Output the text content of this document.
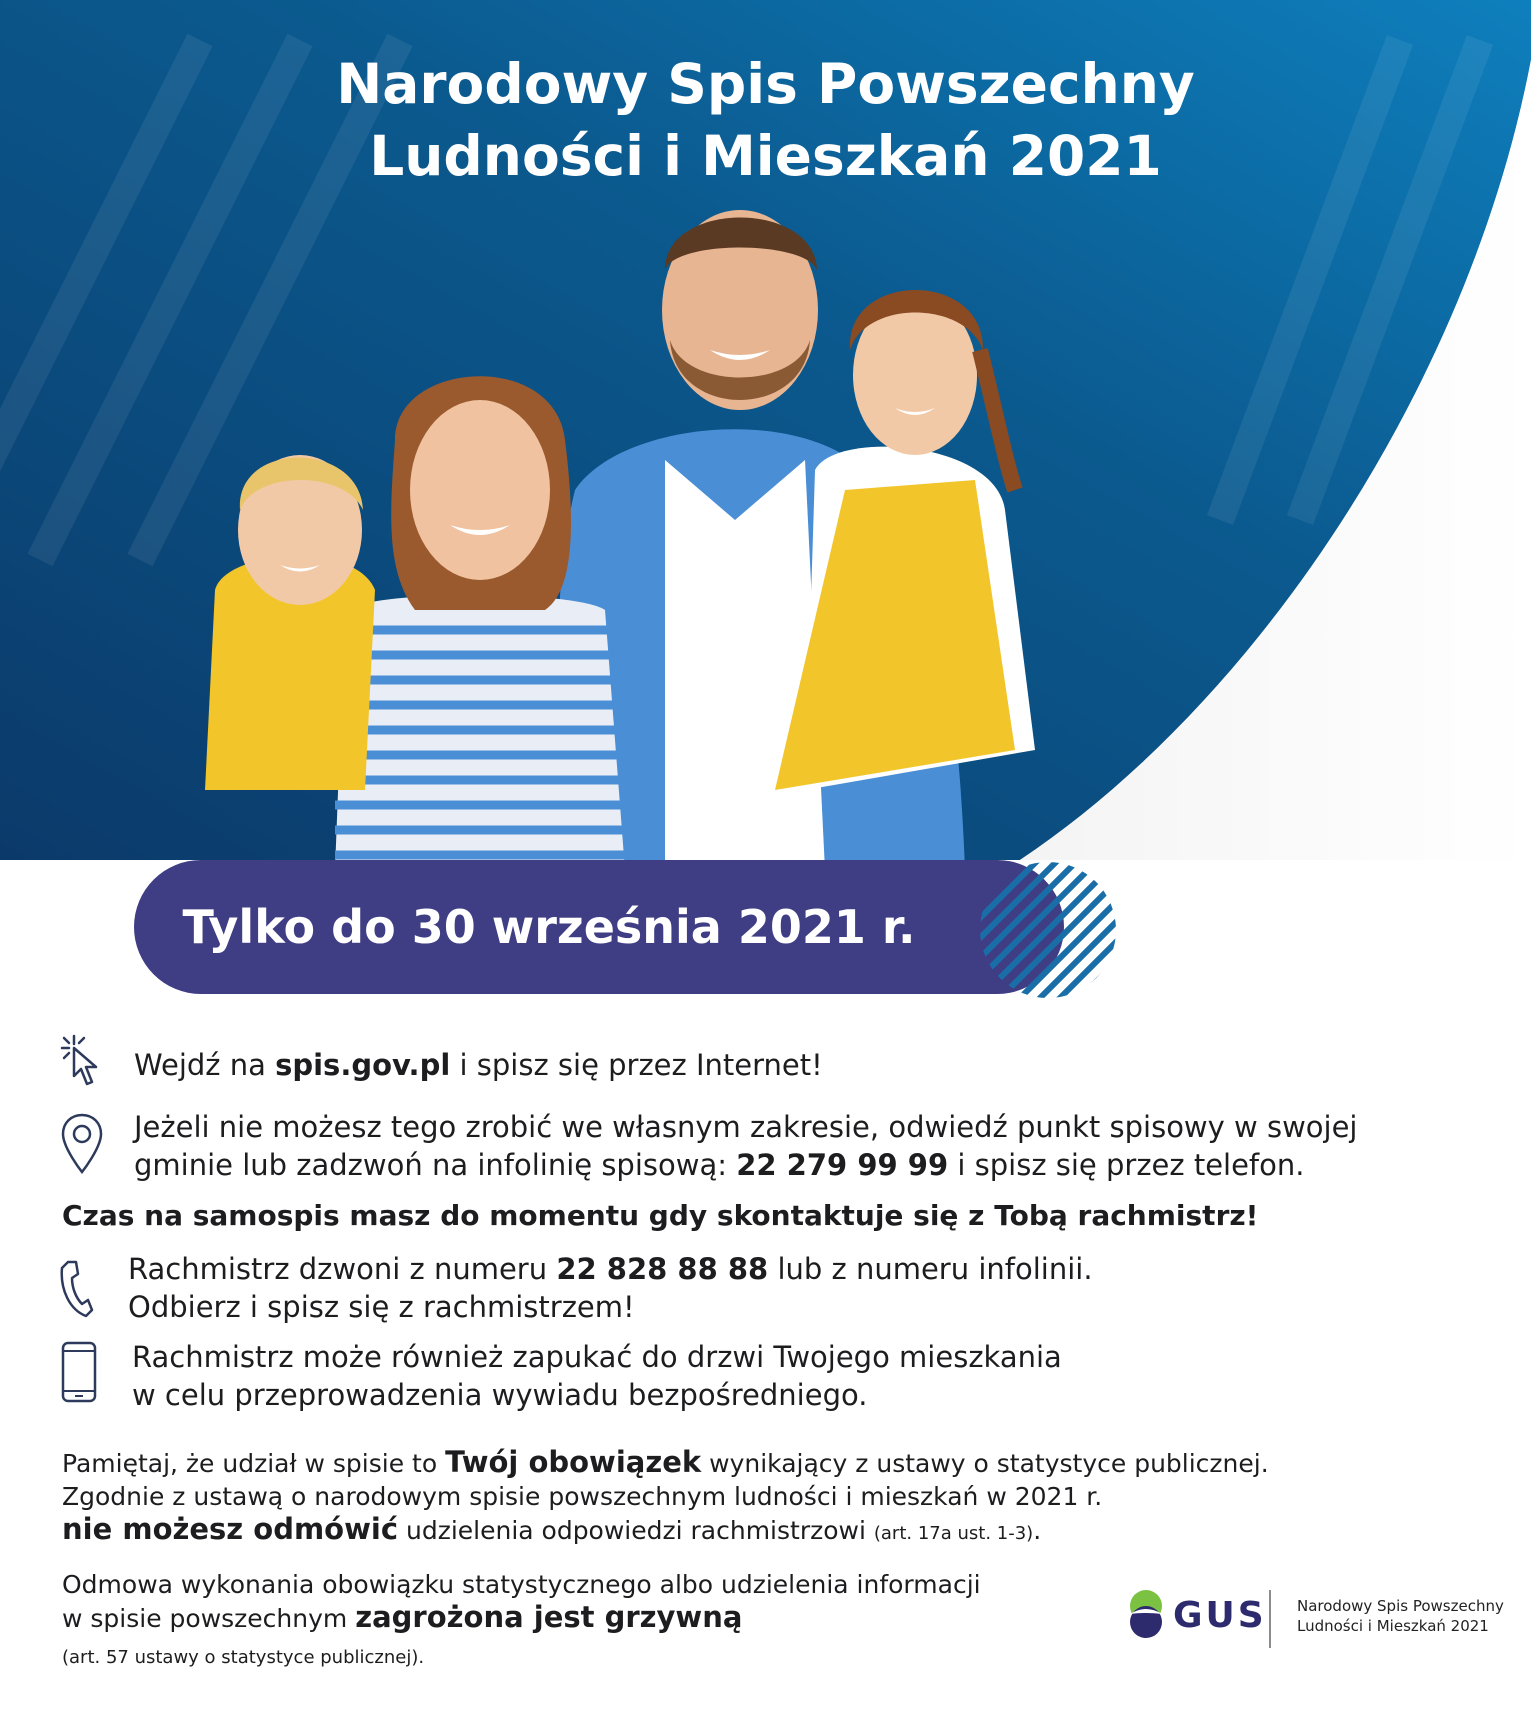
Narodowy Spis Powszechny
Ludności i Mieszkań 2021
Tylko do 30 września 2021 r.
Wejdź na spis.gov.pl i spisz się przez Internet!
Jeżeli nie możesz tego zrobić we własnym zakresie, odwiedź punkt spisowy w swojej
gminie lub zadzwoń na infolinię spisową: 22 279 99 99 i spisz się przez telefon.
Czas na samospis masz do momentu gdy skontaktuje się z Tobą rachmistrz!
Rachmistrz dzwoni z numeru 22 828 88 88 lub z numeru infolinii.
Odbierz i spisz się z rachmistrzem!
Rachmistrz może również zapukać do drzwi Twojego mieszkania
w celu przeprowadzenia wywiadu bezpośredniego.
Pamiętaj, że udział w spisie to Twój obowiązek wynikający z ustawy o statystyce publicznej.
Zgodnie z ustawą o narodowym spisie powszechnym ludności i mieszkań w 2021 r.
nie możesz odmówić udzielenia odpowiedzi rachmistrzowi (art. 17a ust. 1-3).
Odmowa wykonania obowiązku statystycznego albo udzielenia informacji
w spisie powszechnym zagrożona jest grzywną
(art. 57 ustawy o statystyce publicznej).
GUS Narodowy Spis Powszechny
Ludności i Mieszkań 2021
